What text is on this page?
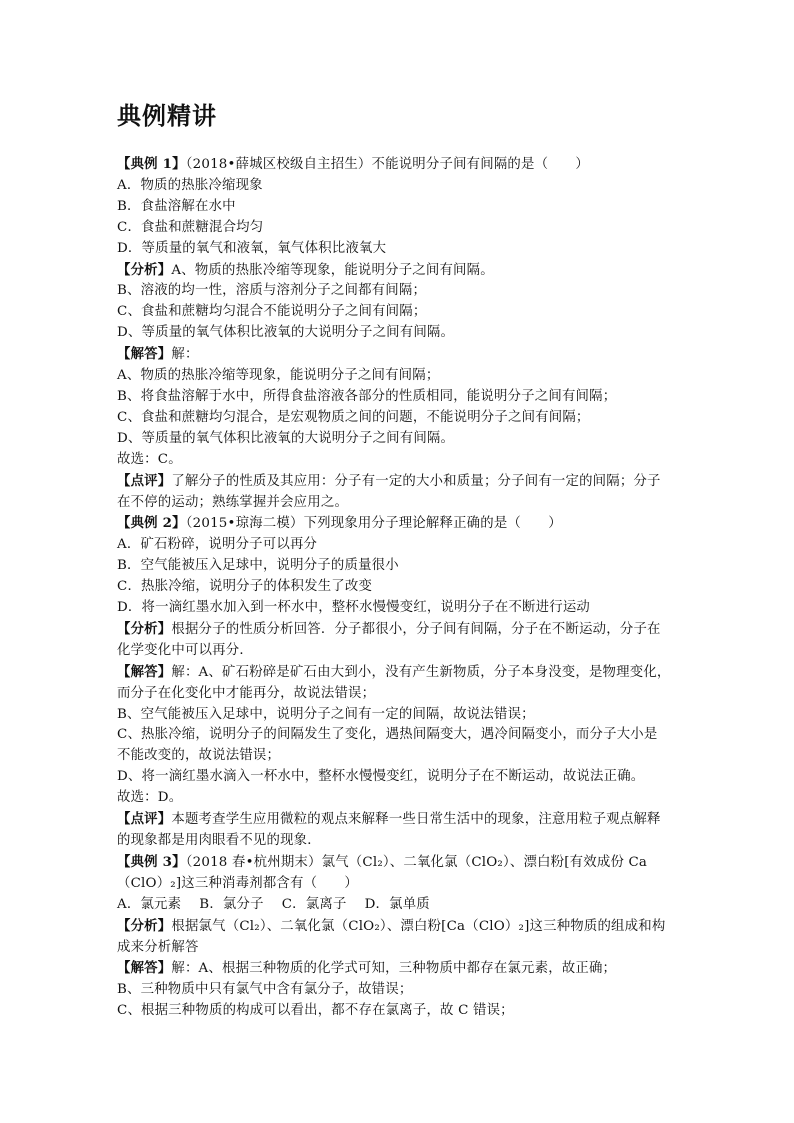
典例精讲
【典例 1】（2018•薛城区校级自主招生）不能说明分子间有间隔的是（　　）
A．物质的热胀冷缩现象
B．食盐溶解在水中
C．食盐和蔗糖混合均匀
D．等质量的氧气和液氧，氧气体积比液氧大
【分析】A、物质的热胀冷缩等现象，能说明分子之间有间隔。
B、溶液的均一性，溶质与溶剂分子之间都有间隔；
C、食盐和蔗糖均匀混合不能说明分子之间有间隔；
D、等质量的氧气体积比液氧的大说明分子之间有间隔。
【解答】解：
A、物质的热胀冷缩等现象，能说明分子之间有间隔；
B、将食盐溶解于水中，所得食盐溶液各部分的性质相同，能说明分子之间有间隔；
C、食盐和蔗糖均匀混合，是宏观物质之间的问题，不能说明分子之间有间隔；
D、等质量的氧气体积比液氧的大说明分子之间有间隔。
故选：C。
【点评】了解分子的性质及其应用：分子有一定的大小和质量；分子间有一定的间隔；分子
在不停的运动；熟练掌握并会应用之。
【典例 2】（2015•琼海二模）下列现象用分子理论解释正确的是（　　）
A．矿石粉碎，说明分子可以再分
B．空气能被压入足球中，说明分子的质量很小
C．热胀冷缩，说明分子的体积发生了改变
D．将一滴红墨水加入到一杯水中，整杯水慢慢变红，说明分子在不断进行运动
【分析】根据分子的性质分析回答．分子都很小，分子间有间隔，分子在不断运动，分子在
化学变化中可以再分．
【解答】解：A、矿石粉碎是矿石由大到小，没有产生新物质，分子本身没变，是物理变化，
而分子在化变化中才能再分，故说法错误；
B、空气能被压入足球中，说明分子之间有一定的间隔，故说法错误；
C、热胀冷缩，说明分子的间隔发生了变化，遇热间隔变大，遇冷间隔变小，而分子大小是
不能改变的，故说法错误；
D、将一滴红墨水滴入一杯水中，整杯水慢慢变红，说明分子在不断运动，故说法正确。
故选：D。
【点评】本题考查学生应用微粒的观点来解释一些日常生活中的现象，注意用粒子观点解释
的现象都是用肉眼看不见的现象．
【典例 3】（2018 春•杭州期末）氯气（Cl₂）、二氧化氯（ClO₂）、漂白粉[有效成份 Ca
（ClO）₂]这三种消毒剂都含有（　　）
A．氯元素　 B．氯分子　 C．氯离子　 D．氯单质
【分析】根据氯气（Cl₂）、二氧化氯（ClO₂）、漂白粉[Ca（ClO）₂]这三种物质的组成和构
成来分析解答
【解答】解：A、根据三种物质的化学式可知，三种物质中都存在氯元素，故正确；
B、三种物质中只有氯气中含有氯分子，故错误；
C、根据三种物质的构成可以看出，都不存在氯离子，故 C 错误；
